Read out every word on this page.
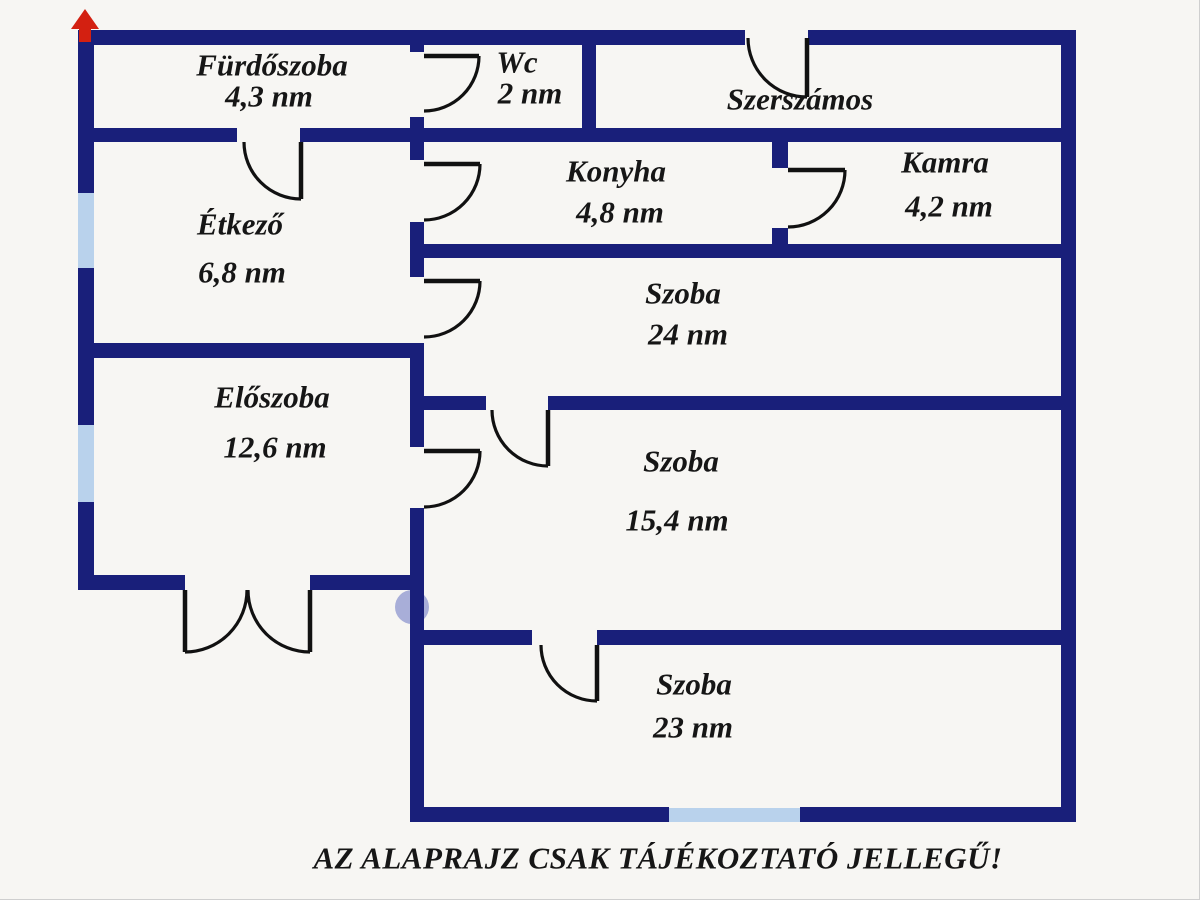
Fürdőszoba
4,3 nm
Wc
2 nm	Szerszámos
Étkező
6,8 nm
Konyha
4,8 nm
Kamra
4,2 nm
Szoba
24 nm
Előszoba
12,6 nm	Szoba
15,4 nm
Szoba
23 nm
AZ ALAPRAJZ CSAK TÁJÉKOZTATÓ JELLEGŰ!
